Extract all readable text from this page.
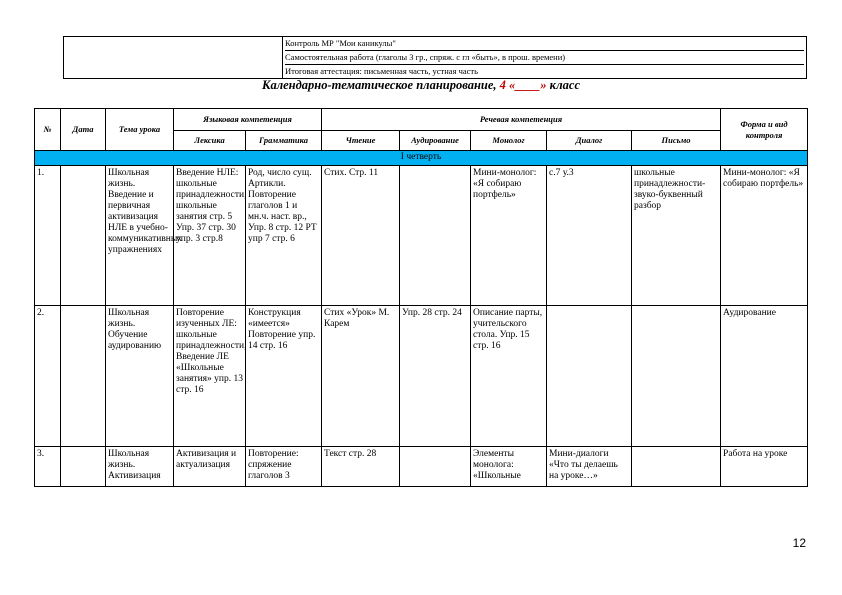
Контроль МР "Мои каникулы"
Самостоятельная работа (глаголы 3 гр., спряж. с гл «быть», в прош. времени)
Итоговая аттестация: письменная часть, устная часть
Календарно-тематическое планирование, 4 «____» класс
№	Дата	Тема урока	Языковая компетенция		Речевая компетенция					Форма и вид контроля
			Лексика	Грамматика	Чтение	Аудирование	Монолог	Диалог	Письмо	
I четверть										
1.		Школьная жизнь. Введение и первичная активизация НЛЕ в учебно-коммуникативных упражнениях	Введение НЛЕ: школьные принадлежности, школьные занятия стр. 5 Упр. 37 стр. 30 упр. 3 стр.8	Род, число сущ. Артикли. Повторение глаголов 1 и мн.ч. наст. вр., Упр. 8 стр. 12 РТ упр 7 стр. 6	Стих. Стр. 11		Мини-монолог: «Я собираю портфель»	с.7 у.3	школьные принадлежности-звуко-буквенный разбор	Мини-монолог: «Я собираю портфель»
2.		Школьная жизнь. Обучение аудированию	Повторение изученных ЛЕ: школьные принадлежности, Введение ЛЕ «Школьные занятия» упр. 13 стр. 16	Конструкция «имеется» Повторение упр. 14 стр. 16	Стих «Урок» М. Карем	Упр. 28 стр. 24	Описание парты, учительского стола. Упр. 15 стр. 16			Аудирование
3.		Школьная жизнь. Активизация	Активизация и актуализация	Повторение: спряжение глаголов 3	Текст стр. 28		Элементы монолога: «Школьные	Мини-диалоги «Что ты делаешь на уроке…»		Работа на уроке
12
